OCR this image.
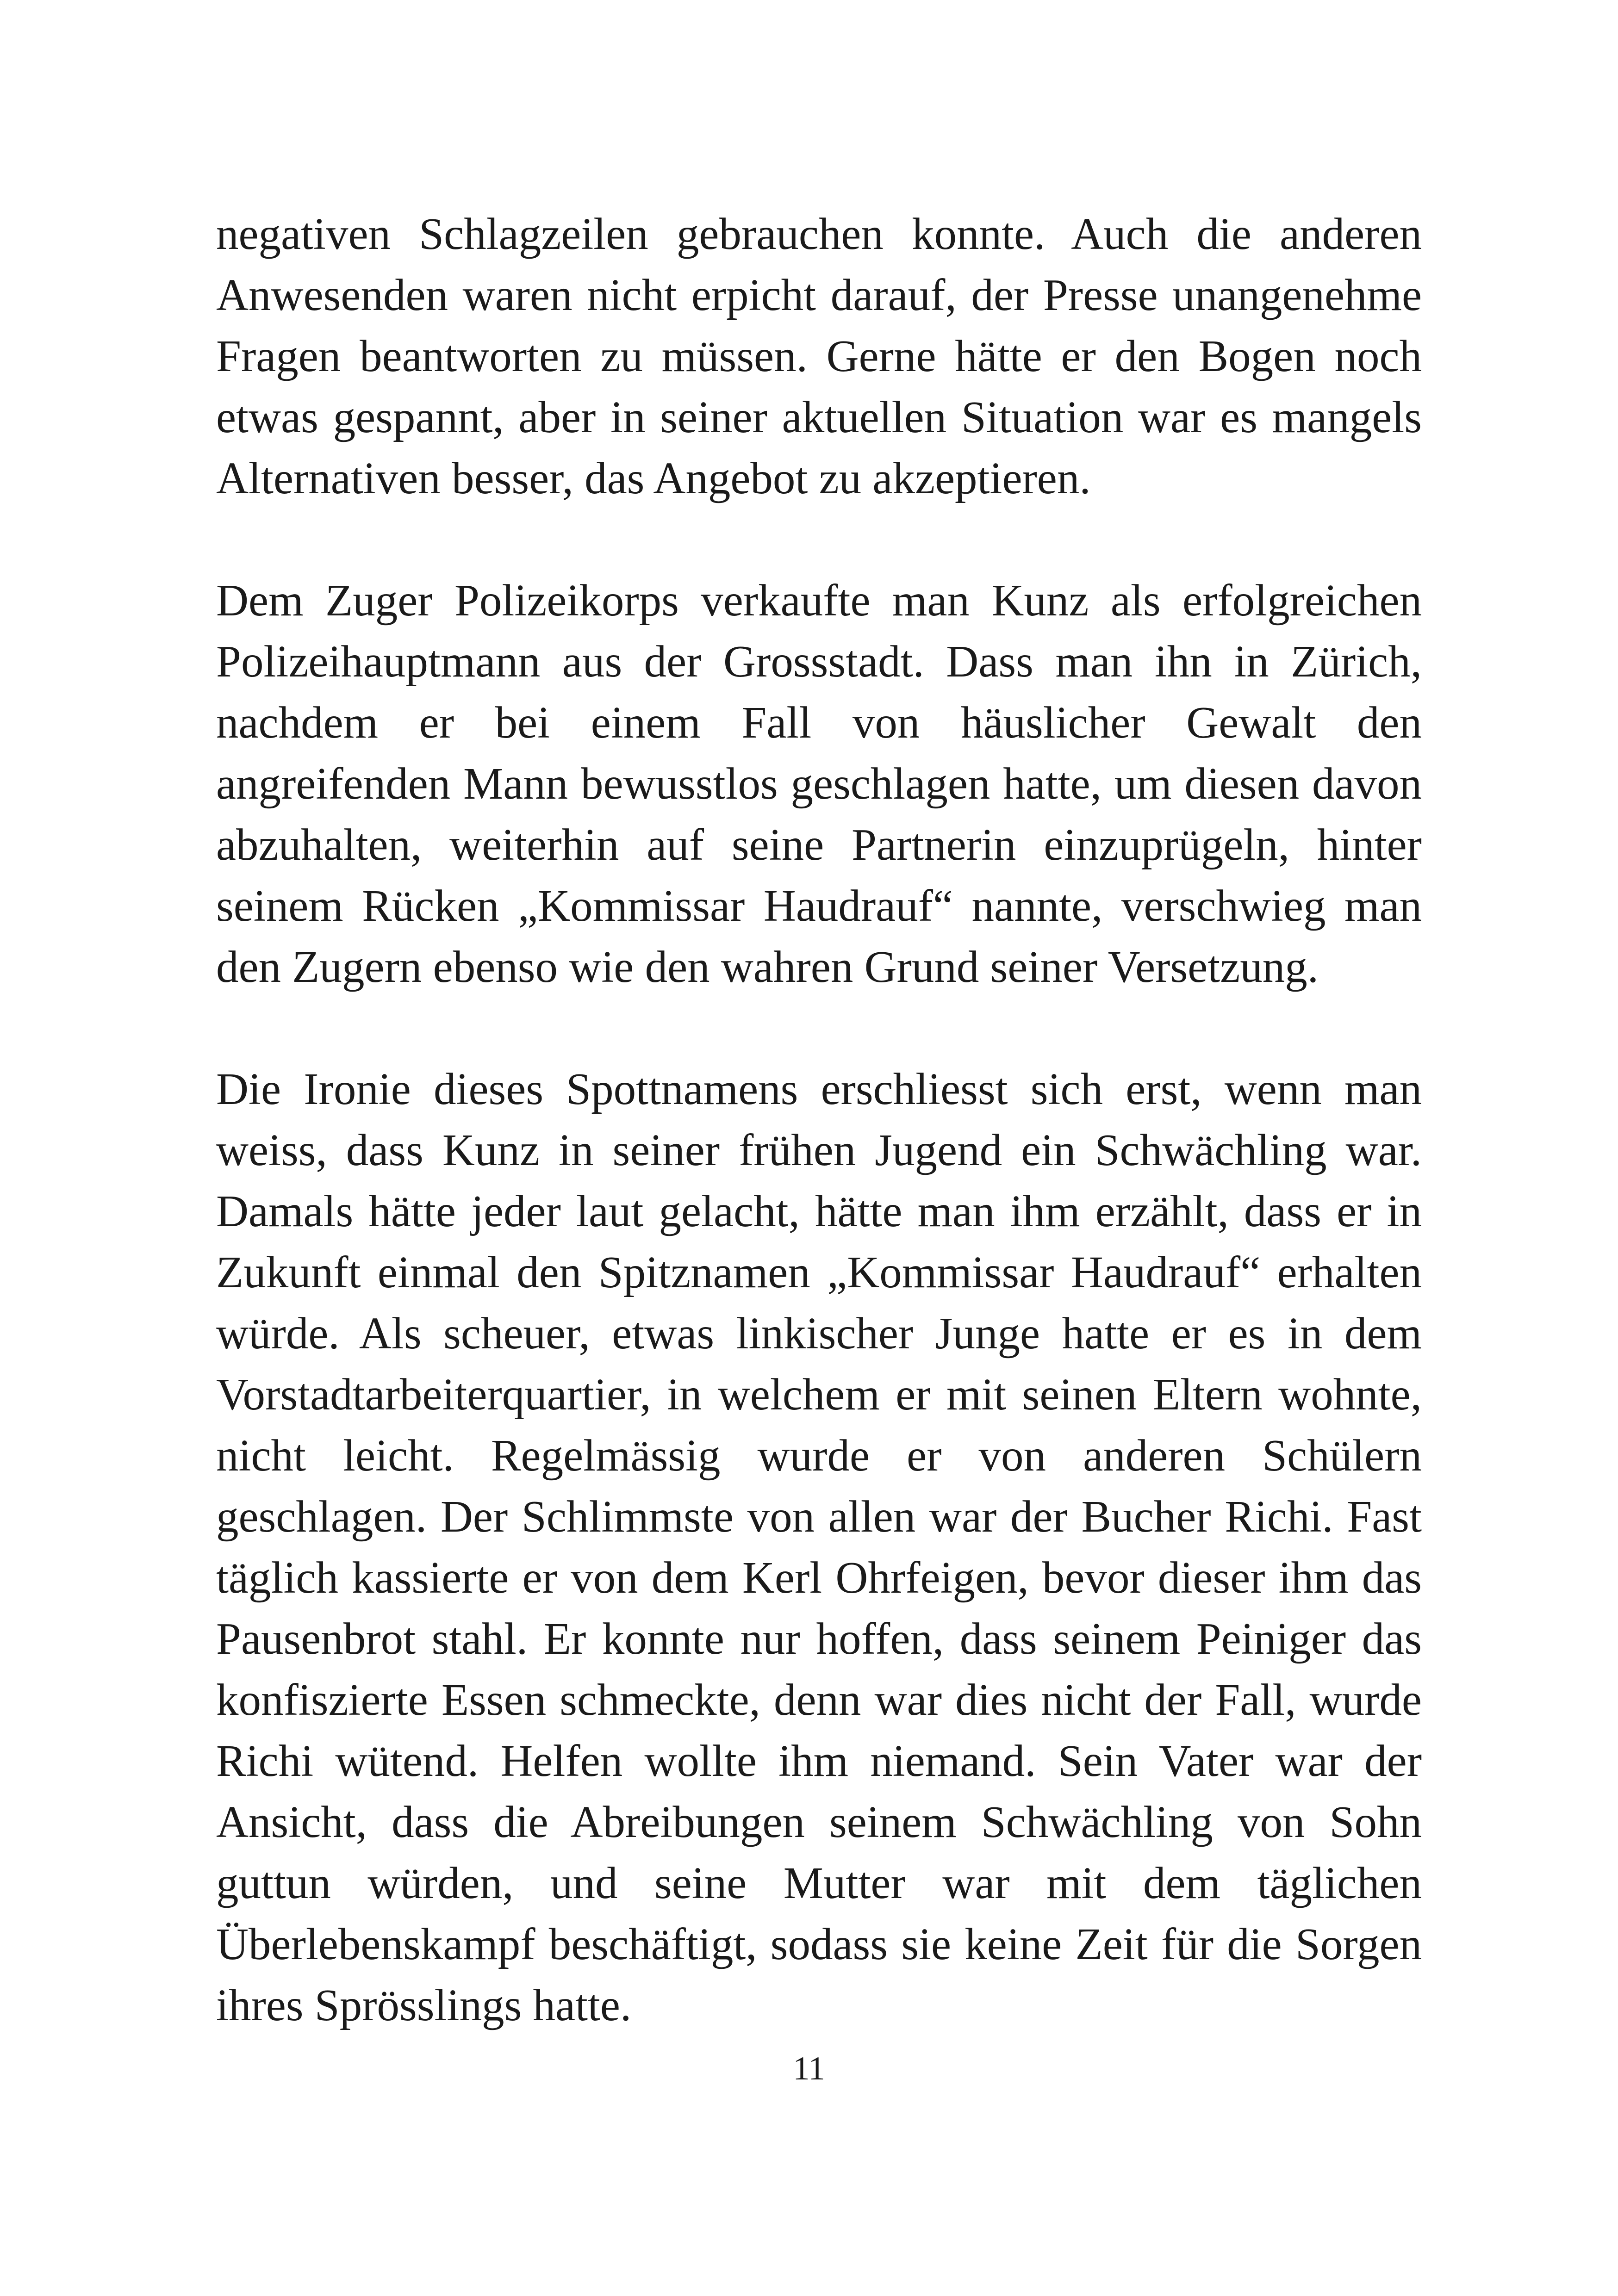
negativen Schlagzeilen gebrauchen konnte. Auch die anderen Anwesenden waren nicht erpicht darauf, der Presse unangenehme Fragen beantworten zu müssen. Gerne hätte er den Bogen noch etwas gespannt, aber in seiner aktuellen Situation war es mangels Alternativen besser, das Angebot zu akzeptieren.

Dem Zuger Polizeikorps verkaufte man Kunz als erfolgreichen Polizeihauptmann aus der Grossstadt. Dass man ihn in Zürich, nachdem er bei einem Fall von häuslicher Gewalt den angreifenden Mann bewusstlos geschlagen hatte, um diesen davon abzuhalten, weiterhin auf seine Partnerin einzuprügeln, hinter seinem Rücken „Kommissar Haudrauf“ nannte, verschwieg man den Zugern ebenso wie den wahren Grund seiner Versetzung.

Die Ironie dieses Spottnamens erschliesst sich erst, wenn man weiss, dass Kunz in seiner frühen Jugend ein Schwächling war. Damals hätte jeder laut gelacht, hätte man ihm erzählt, dass er in Zukunft einmal den Spitznamen „Kommissar Haudrauf“ erhalten würde. Als scheuer, etwas linkischer Junge hatte er es in dem Vorstadtarbeiterquartier, in welchem er mit seinen Eltern wohnte, nicht leicht. Regelmässig wurde er von anderen Schülern geschlagen. Der Schlimmste von allen war der Bucher Richi. Fast täglich kassierte er von dem Kerl Ohrfeigen, bevor dieser ihm das Pausenbrot stahl. Er konnte nur hoffen, dass seinem Peiniger das konfiszierte Essen schmeckte, denn war dies nicht der Fall, wurde Richi wütend. Helfen wollte ihm niemand. Sein Vater war der Ansicht, dass die Abreibungen seinem Schwächling von Sohn guttun würden, und seine Mutter war mit dem täglichen Überlebenskampf beschäftigt, sodass sie keine Zeit für die Sorgen ihres Sprösslings hatte.

11
